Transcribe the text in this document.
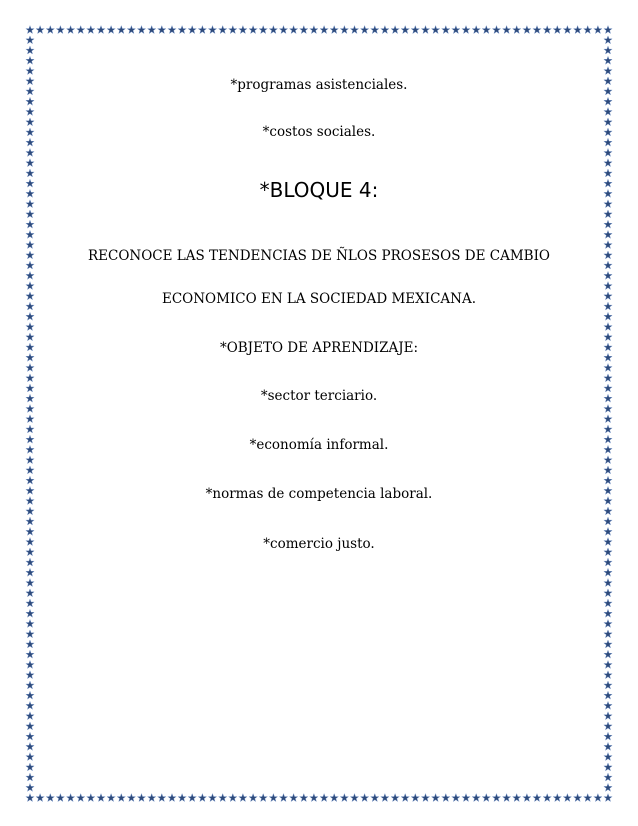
*programas asistenciales.
*costos sociales.
*BLOQUE 4:
RECONOCE LAS TENDENCIAS DE ÑLOS PROSESOS DE CAMBIO
ECONOMICO EN LA SOCIEDAD MEXICANA.
*OBJETO DE APRENDIZAJE:
*sector terciario.
*economía informal.
*normas de competencia laboral.
*comercio justo.
